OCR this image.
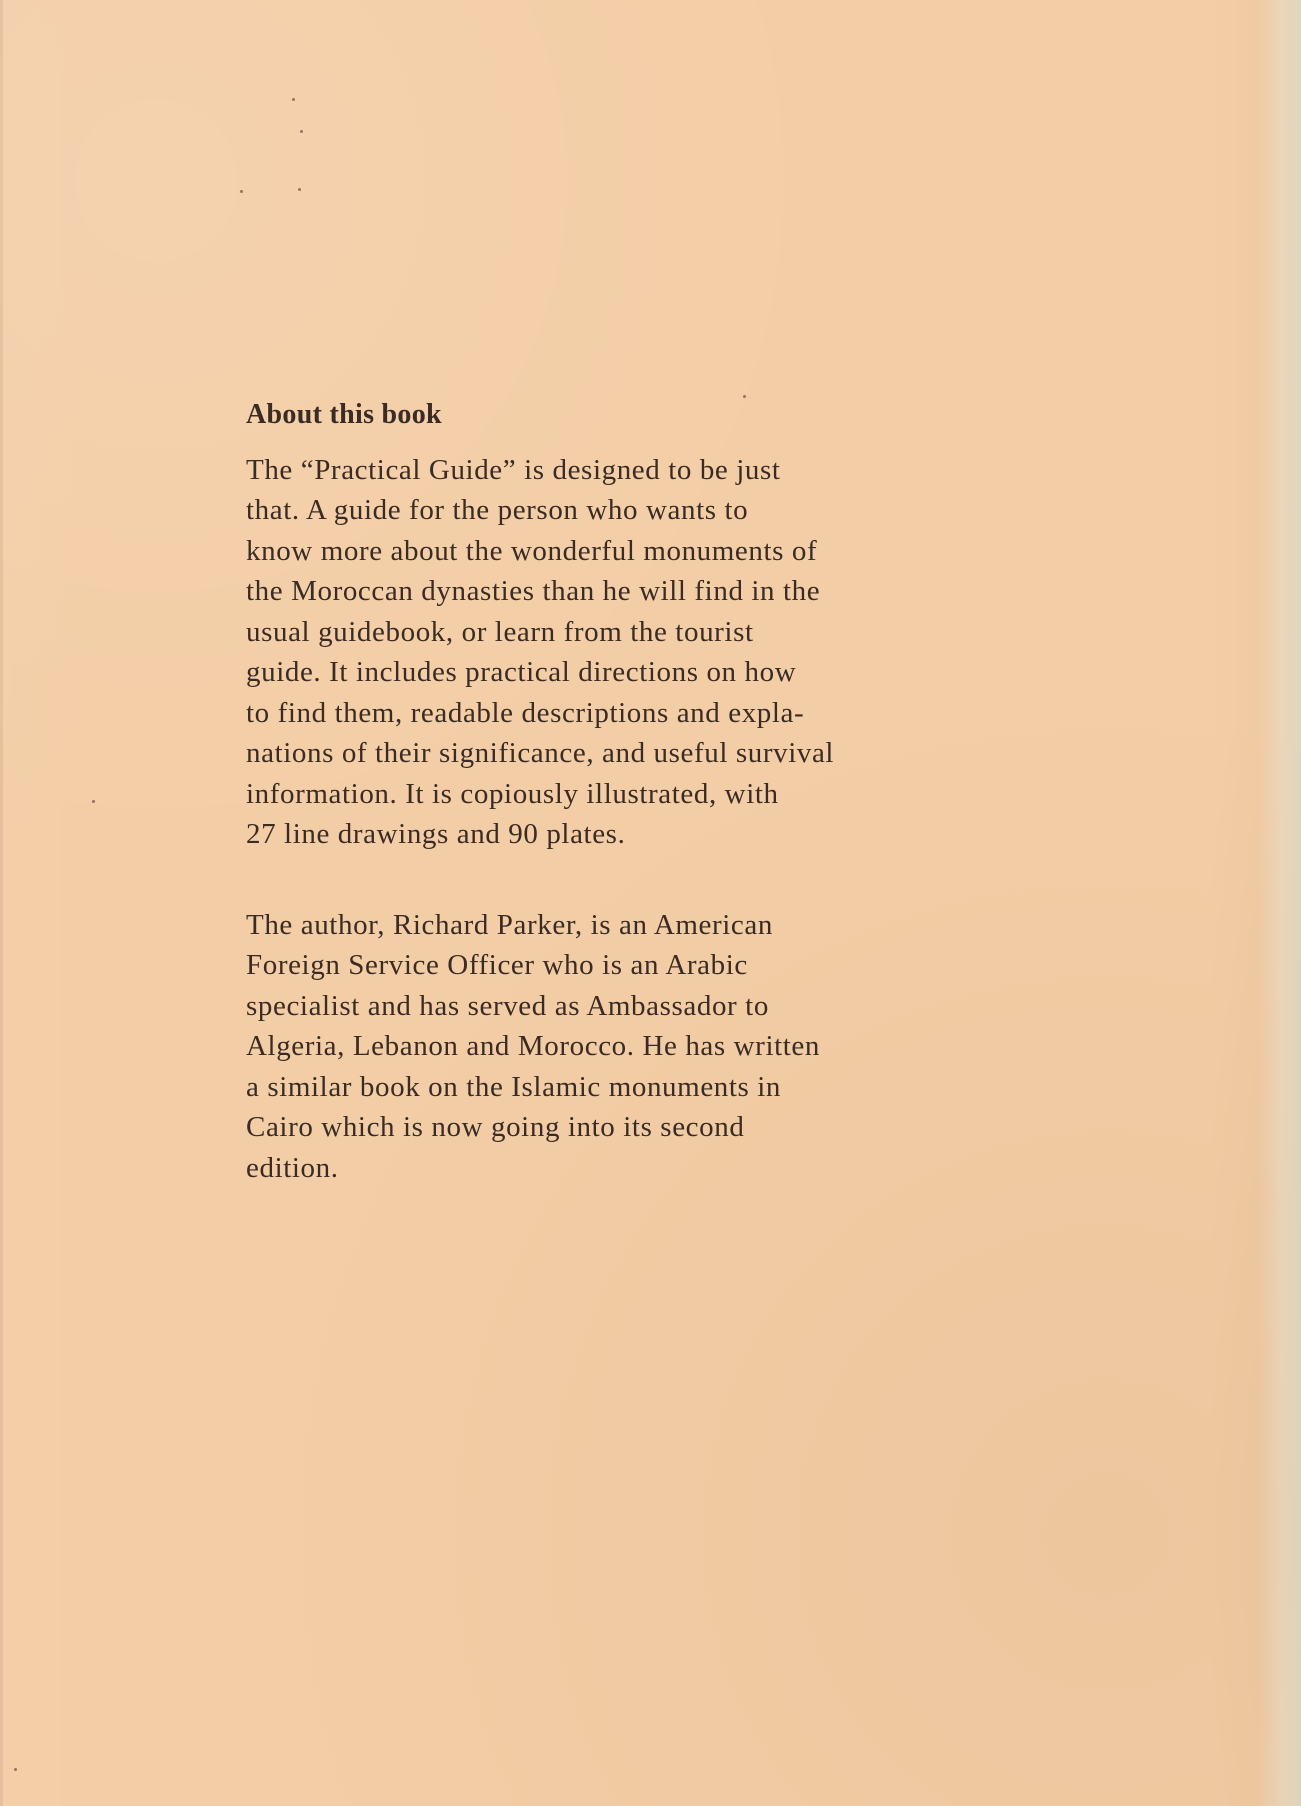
About this book

The “Practical Guide” is designed to be just
that. A guide for the person who wants to
know more about the wonderful monuments of
the Moroccan dynasties than he will find in the
usual guidebook, or learn from the tourist
guide. It includes practical directions on how
to find them, readable descriptions and expla-
nations of their significance, and useful survival
information. It is copiously illustrated, with
27 line drawings and 90 plates.

The author, Richard Parker, is an American
Foreign Service Officer who is an Arabic
specialist and has served as Ambassador to
Algeria, Lebanon and Morocco. He has written
a similar book on the Islamic monuments in
Cairo which is now going into its second
edition.
